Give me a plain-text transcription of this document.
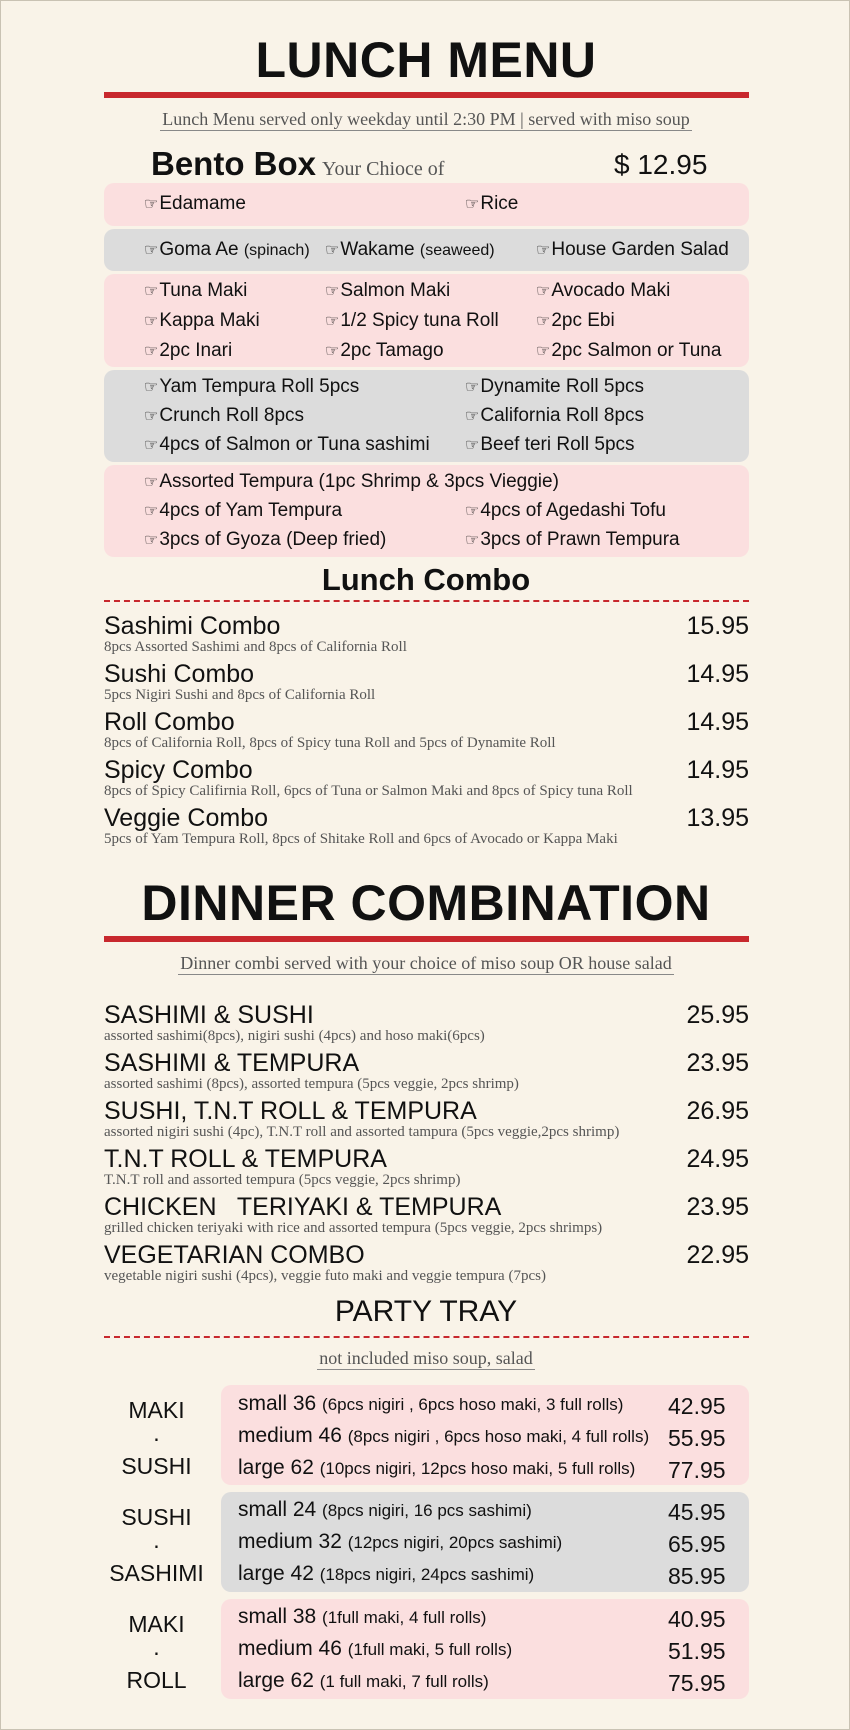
LUNCH MENU
Lunch Menu served only weekday until 2:30 PM | served with miso soup
Bento Box Your Chioce of	$ 12.95
☞Edamame	☞Rice
☞Goma Ae (spinach) ☞Wakame (seaweed)	☞House Garden Salad
☞Tuna Maki	☞Salmon Maki	☞Avocado Maki
☞Kappa Maki	☞1/2 Spicy tuna Roll ☞2pc Ebi
☞2pc Inari	☞2pc Tamago	☞2pc Salmon or Tuna
☞Yam Tempura Roll 5pcs	☞Dynamite Roll 5pcs
☞Crunch Roll 8pcs	☞California Roll 8pcs
☞4pcs of Salmon or Tuna sashimi ☞Beef teri Roll 5pcs
☞Assorted Tempura (1pc Shrimp & 3pcs Vieggie)
☞4pcs of Yam Tempura	☞4pcs of Agedashi Tofu
☞3pcs of Gyoza (Deep fried)	☞3pcs of Prawn Tempura
Lunch Combo
Sashimi Combo	15.95
8pcs Assorted Sashimi and 8pcs of California Roll
Sushi Combo	14.95
5pcs Nigiri Sushi and 8pcs of California Roll
Roll Combo	14.95
8pcs of California Roll, 8pcs of Spicy tuna Roll and 5pcs of Dynamite Roll
Spicy Combo	14.95
8pcs of Spicy Califirnia Roll, 6pcs of Tuna or Salmon Maki and 8pcs of Spicy tuna Roll
Veggie Combo	13.95
5pcs of Yam Tempura Roll, 8pcs of Shitake Roll and 6pcs of Avocado or Kappa Maki
DINNER COMBINATION
Dinner combi served with your choice of miso soup OR house salad
SASHIMI & SUSHI	25.95
assorted sashimi(8pcs), nigiri sushi (4pcs) and hoso maki(6pcs)
SASHIMI & TEMPURA	23.95
assorted sashimi (8pcs), assorted tempura (5pcs veggie, 2pcs shrimp)
SUSHI, T.N.T ROLL & TEMPURA	26.95
assorted nigiri sushi (4pc), T.N.T roll and assorted tampura (5pcs veggie,2pcs shrimp)
T.N.T ROLL & TEMPURA	24.95
T.N.T roll and assorted tempura (5pcs veggie, 2pcs shrimp)
CHICKEN   TERIYAKI & TEMPURA	23.95
grilled chicken teriyaki with rice and assorted tempura (5pcs veggie, 2pcs shrimps)
VEGETARIAN COMBO	22.95
vegetable nigiri sushi (4pcs), veggie futo maki and veggie tempura (7pcs)
PARTY TRAY
not included miso soup, salad
MAKI
·
SUSHI
small 36 (6pcs nigiri , 6pcs hoso maki, 3 full rolls) 42.95
medium 46 (8pcs nigiri , 6pcs hoso maki, 4 full rolls) 55.95
large 62 (10pcs nigiri, 12pcs hoso maki, 5 full rolls) 77.95
SUSHI
·
SASHIMI
small 24 (8pcs nigiri, 16 pcs sashimi)	45.95
medium 32 (12pcs nigiri, 20pcs sashimi)	65.95
large 42 (18pcs nigiri, 24pcs sashimi)	85.95
MAKI
·
ROLL
small 38 (1full maki, 4 full rolls)	40.95
medium 46 (1full maki, 5 full rolls)	51.95
large 62 (1 full maki, 7 full rolls)	75.95
